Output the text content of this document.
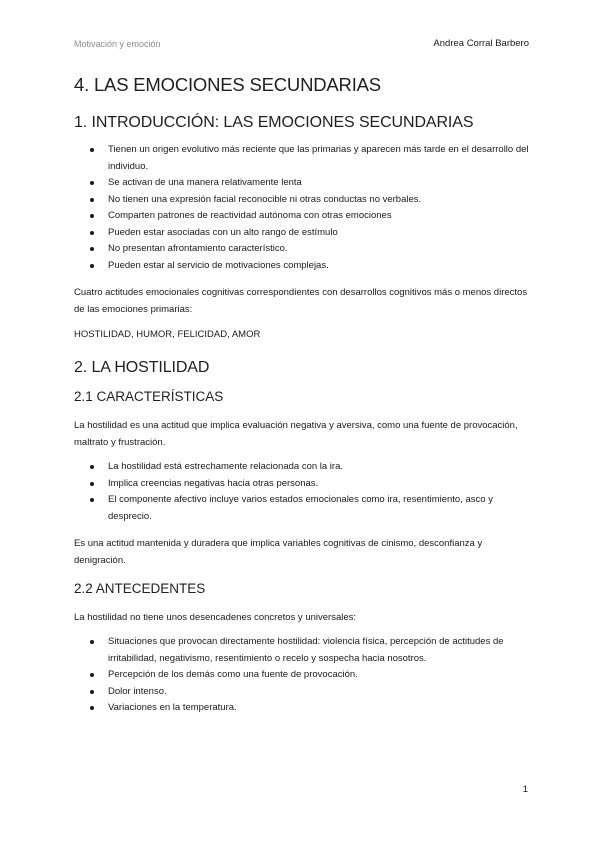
Motivación y emoción	Andrea Corral Barbero
4. LAS EMOCIONES SECUNDARIAS
1. INTRODUCCIÓN: LAS EMOCIONES SECUNDARIAS
Tienen un origen evolutivo más reciente que las primarias y aparecen más tarde en el desarrollo del individuo.
Se activan de una manera relativamente lenta
No tienen una expresión facial reconocible ni otras conductas no verbales.
Comparten patrones de reactividad autónoma con otras emociones
Pueden estar asociadas con un alto rango de estímulo
No presentan afrontamiento característico.
Pueden estar al servicio de motivaciones complejas.

Cuatro actitudes emocionales cognitivas correspondientes con desarrollos cognitivos más o menos directos de las emociones primarias:

HOSTILIDAD, HUMOR, FELICIDAD, AMOR

2. LA HOSTILIDAD
2.1 CARACTERÍSTICAS

La hostilidad es una actitud que implica evaluación negativa y aversiva, como una fuente de provocación, maltrato y frustración.

La hostilidad está estrechamente relacionada con la ira.
Implica creencias negativas hacia otras personas.
El componente afectivo incluye varios estados emocionales como ira, resentimiento, asco y desprecio.

Es una actitud mantenida y duradera que implica variables cognitivas de cinismo, desconfianza y denigración.

2.2 ANTECEDENTES

La hostilidad no tiene unos desencadenes concretos y universales:

Situaciones que provocan directamente hostilidad: violencia física, percepción de actitudes de irritabilidad, negativismo, resentimiento o recelo y sospecha hacia nosotros.
Percepción de los demás como una fuente de provocación.
Dolor intenso.
Variaciones en la temperatura.
1
